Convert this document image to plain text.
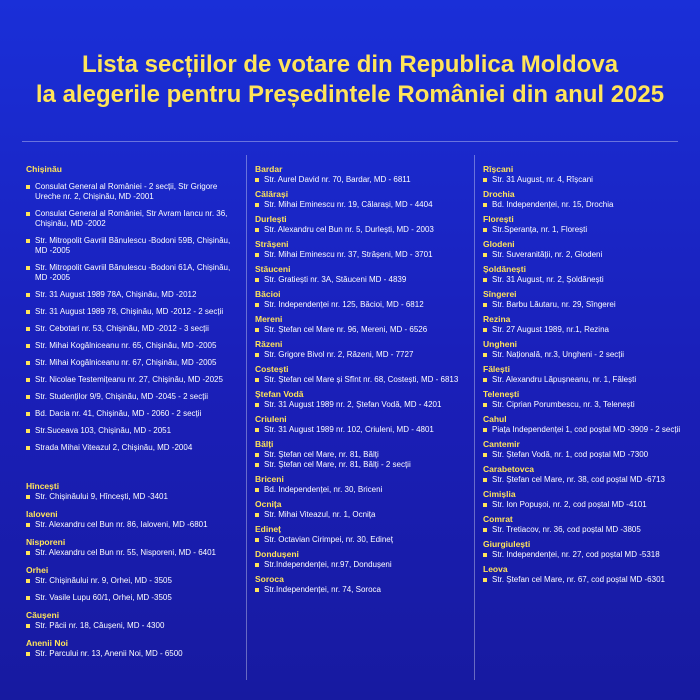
Lista secțiilor de votare din Republica Moldova
la alegerile pentru Președintele României din anul 2025
Chișinău
Consulat General al României - 2 secții, Str Grigore Ureche nr. 2, Chișinău, MD -2001
Consulat General al României, Str Avram Iancu nr. 36, Chișinău, MD -2002
Str. Mitropolit Gavriil Bănulescu -Bodoni 59B, Chișinău, MD -2005
Str. Mitropolit Gavriil Bănulescu -Bodoni 61A, Chișinău, MD -2005
Str. 31 August 1989 78A, Chișinău, MD -2012
Str. 31 August 1989 78, Chișinău, MD -2012 - 2 secții
Str. Cebotari nr. 53, Chișinău, MD -2012 - 3 secții
Str. Mihai Kogălniceanu nr. 65, Chișinău, MD -2005
Str. Mihai Kogălniceanu nr. 67, Chișinău, MD -2005
Str. Nicolae Testemițeanu nr. 27, Chișinău, MD -2025
Str. Studenților 9/9, Chișinău, MD -2045 - 2 secții
Bd. Dacia nr. 41, Chișinău, MD - 2060 - 2 secții
Str.Suceava 103, Chișinău, MD - 2051
Strada Mihai Viteazul 2, Chișinău, MD -2004
Hîncești
Str. Chișinăului 9, Hîncești, MD -3401
Ialoveni
Str. Alexandru cel Bun nr. 86, Ialoveni, MD -6801
Nisporeni
Str. Alexandru cel Bun nr. 55, Nisporeni, MD - 6401
Orhei
Str. Chișinăului nr. 9, Orhei, MD - 3505
Str. Vasile Lupu 60/1, Orhei, MD -3505
Căușeni
Str. Păcii nr. 18, Căușeni, MD - 4300
Anenii Noi
Str. Parcului nr. 13, Anenii Noi, MD - 6500
Bardar
Str. Aurel David nr. 70, Bardar, MD - 6811
Călărași
Str. Mihai Eminescu nr. 19, Călarași, MD - 4404
Durlești
Str. Alexandru cel Bun nr. 5, Durlești, MD - 2003
Strășeni
Str. Mihai Eminescu nr. 37, Strășeni, MD - 3701
Stăuceni
Str. Gratiești nr. 3A, Stăuceni MD - 4839
Băcioi
Str. Independenței nr. 125, Băcioi, MD - 6812
Mereni
Str. Ștefan cel Mare nr. 96, Mereni, MD - 6526
Răzeni
Str. Grigore Bivol nr. 2, Răzeni, MD - 7727
Costești
Str. Ștefan cel Mare și Sfînt nr. 68, Costești, MD - 6813
Ștefan Vodă
Str. 31 August 1989 nr. 2, Ștefan Vodă, MD - 4201
Criuleni
Str. 31 August 1989 nr. 102, Criuleni, MD - 4801
Bălți
Str. Ștefan cel Mare, nr. 81, Bălți
Str. Ștefan cel Mare, nr. 81, Bălți - 2 secții
Briceni
Bd. Independenței, nr. 30, Briceni
Ocnița
Str. Mihai Viteazul, nr. 1, Ocnița
Edineț
Str. Octavian Cirimpei, nr. 30, Edineț
Dondușeni
Str.Independenței, nr.97, Dondușeni
Soroca
Str.Independenței, nr. 74, Soroca
Rîșcani
Str. 31 August, nr. 4, Rîșcani
Drochia
Bd. Independenței, nr. 15, Drochia
Florești
Str.Speranța, nr. 1, Florești
Glodeni
Str. Suveranității, nr. 2, Glodeni
Șoldănești
Str. 31 August, nr. 2, Șoldănești
Sîngerei
Str. Barbu Lăutaru, nr. 29, Sîngerei
Rezina
Str. 27 August 1989, nr.1, Rezina
Ungheni
Str. Națională, nr.3, Ungheni - 2 secții
Fălești
Str. Alexandru Lăpușneanu, nr. 1, Fălești
Telenești
Str. Ciprian Porumbescu, nr. 3, Telenești
Cahul
Piața Independenței 1, cod poștal MD -3909 - 2 secții
Cantemir
Str. Ștefan Vodă, nr. 1, cod poștal MD -7300
Carabetovca
Str. Ștefan cel Mare, nr. 38, cod poștal MD -6713
Cimișlia
Str. Ion Popușoi, nr. 2, cod poștal MD -4101
Comrat
Str. Tretiacov, nr. 36, cod poștal MD -3805
Giurgiulești
Str. Independenței, nr. 27, cod poștal MD -5318
Leova
Str. Ștefan cel Mare, nr. 67, cod poștal MD -6301
